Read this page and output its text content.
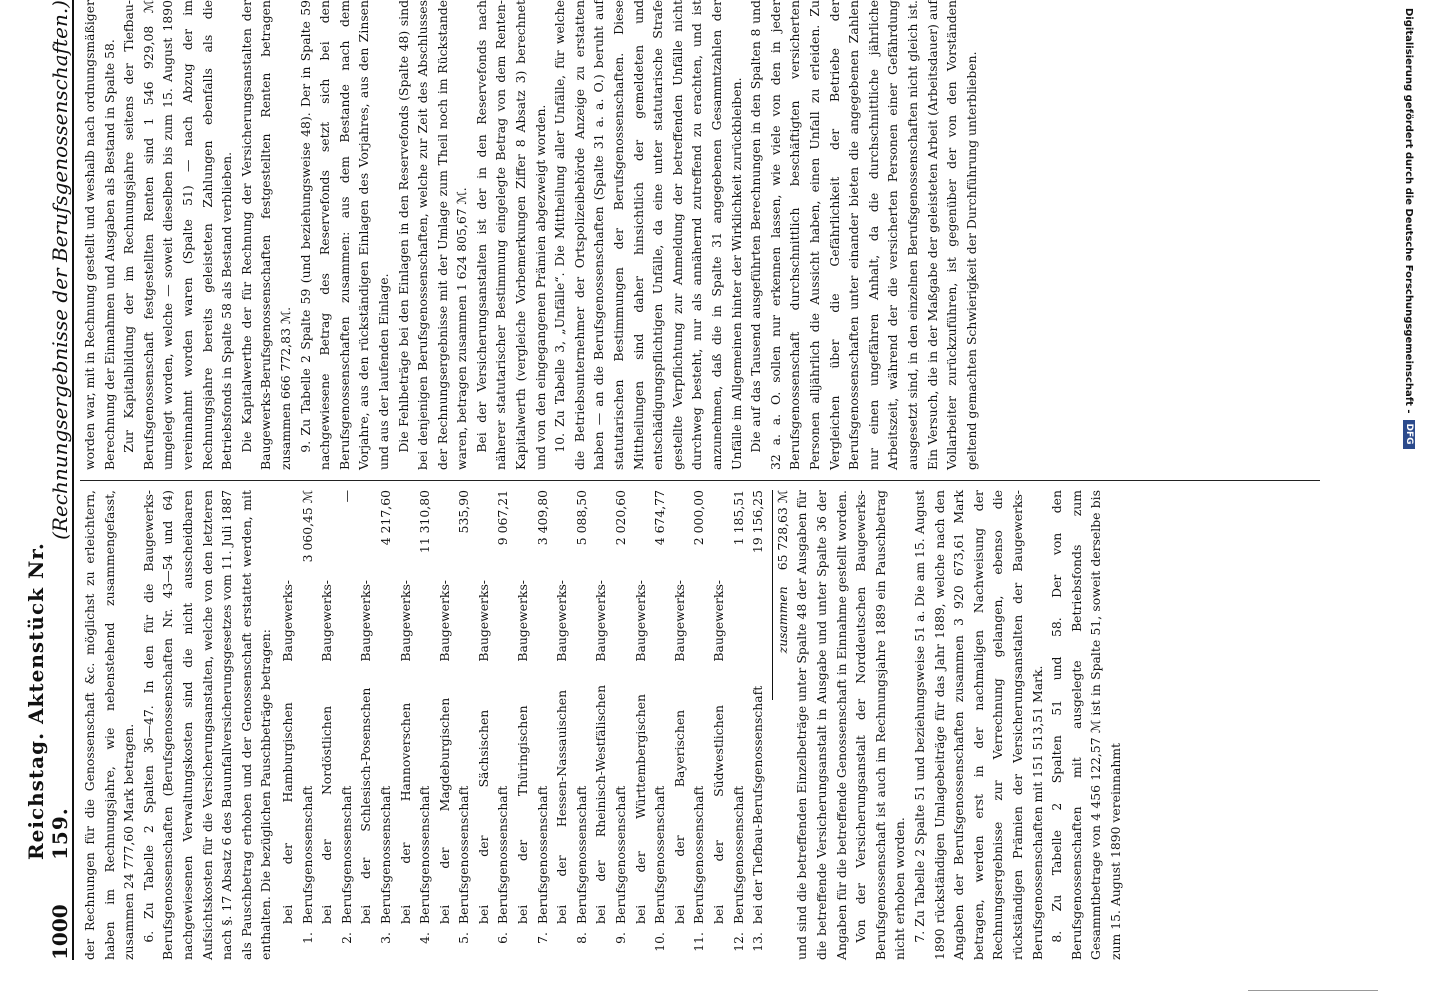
1000
Reichstag. Aktenstück Nr. 159.
(Rechnungsergebnisse der Berufsgenossenschaften.)

der Rechnungen für die Genossenschaft &c. möglichst zu erleichtern, haben im Rechnungsjahre, wie nebenstehend zusammengefasst, zusammen 24 777,60 Mark betragen. 6. Zu Tabelle 2 Spalten 36—47. In den für die Baugewerks-Berufsgenossenschaften (Berufsgenossenschaften Nr. 43—54 und 64) nachgewiesenen Verwaltungskosten sind die nicht ausscheidbaren Aufsichtskosten für die Versicherungsanstalten, welche von den letzteren nach §. 17 Absatz 6 des Bauunfallversicherungsgesetzes vom 11. Juli 1887 als Pauschbetrag erhoben und der Genossenschaft erstattet werden, mit enthalten. Die bezüglichen Pauschbeträge betragen: 1.
bei der Hamburgischen Baugewerks-Berufsgenossenschaft
3 060,45 ℳ
2.
bei der Nordöstlichen Baugewerks-Berufsgenossenschaft
—
3.
bei der Schlesisch-Posenschen Baugewerks-Berufsgenossenschaft
4 217,60
4.
bei der Hannoverschen Baugewerks-Berufsgenossenschaft
11 310,80
5.
bei der Magdeburgischen Baugewerks-Berufsgenossenschaft
535,90
6.
bei der Sächsischen Baugewerks-Berufsgenossenschaft
9 067,21
7.
bei der Thüringischen Baugewerks-Berufsgenossenschaft
3 409,80
8.
bei der Hessen-Nassauischen Baugewerks-Berufsgenossenschaft
5 088,50
9.
bei der Rheinisch-Westfälischen Baugewerks-Berufsgenossenschaft
2 020,60
10.
bei der Württembergischen Baugewerks-Berufsgenossenschaft
4 674,77
11.
bei der Bayerischen Baugewerks-Berufsgenossenschaft
2 000,00
12.
bei der Südwestlichen Baugewerks-Berufsgenossenschaft
1 185,51
13.
bei der Tiefbau-Berufsgenossenschaft
19 156,25
zusammen
65 728,63 ℳ und sind die betreffenden Einzelbeträge unter Spalte 48 der Ausgaben für die betreffende Versicherungsanstalt in Ausgabe und unter Spalte 36 der Angaben für die betreffende Genossenschaft in Einnahme gestellt worden. Von der Versicherungsanstalt der Norddeutschen Baugewerks-Berufsgenossenschaft ist auch im Rechnungsjahre 1889 ein Pauschbetrag nicht erhoben worden. 7. Zu Tabelle 2 Spalte 51 und beziehungsweise 51 a. Die am 15. August 1890 rückständigen Umlagebeiträge für das Jahr 1889, welche nach den Angaben der Berufsgenossenschaften zusammen 3 920 673,61 Mark betragen, werden erst in der nachmaligen Nachweisung der Rechnungsergebnisse zur Verrechnung gelangen, ebenso die rückständigen Prämien der Versicherungsanstalten der Baugewerks-Berufsgenossenschaften mit 151 513,51 Mark. 8. Zu Tabelle 2 Spalten 51 und 58. Der von den Berufsgenossenschaften mit ausgelegte Betriebsfonds zum Gesammtbetrage von 4 456 122,57 ℳ ist in Spalte 51, soweit derselbe bis zum 15. August 1890 vereinnahmt

worden war, mit in Rechnung gestellt und weshalb nach ordnungsmäßiger Berechnung der Einnahmen und Ausgaben als Bestand in Spalte 58. Zur Kapitalbildung der im Rechnungsjahre seitens der Tiefbau-Berufsgenossenschaft festgestellten Renten sind 1 546 929,08 ℳ umgelegt worden, welche — soweit dieselben bis zum 15. August 1890 vereinnahmt worden waren (Spalte 51) — nach Abzug der im Rechnungsjahre bereits geleisteten Zahlungen ebenfalls als die Betriebsfonds in Spalte 58 als Bestand verblieben. Die Kapitalwerthe der für Rechnung der Versicherungsanstalten der Baugewerks-Berufsgenossenschaften festgestellten Renten betragen zusammen 666 772,83 ℳ. 9. Zu Tabelle 2 Spalte 59 (und beziehungsweise 48). Der in Spalte 59 nachgewiesene Betrag des Reservefonds setzt sich bei den Berufsgenossenschaften zusammen: aus dem Bestande nach dem Vorjahre, aus den rückständigen Einlagen des Vorjahres, aus den Zinsen und aus der laufenden Einlage. Die Fehlbeträge bei den Einlagen in den Reservefonds (Spalte 48) sind bei denjenigen Berufsgenossenschaften, welche zur Zeit des Abschlusses der Rechnungsergebnisse mit der Umlage zum Theil noch im Rückstande waren, betragen zusammen 1 624 805,67 ℳ. Bei der Versicherungsanstalten ist der in den Reservefonds nach näherer statutarischer Bestimmung eingelegte Betrag von dem Renten-Kapitalwerth (vergleiche Vorbemerkungen Ziffer 8 Absatz 3) berechnet und von den eingegangenen Prämien abgezweigt worden. 10. Zu Tabelle 3, „Unfälle“. Die Mittheilung aller Unfälle, für welche die Betriebsunternehmer der Ortspolizeibehörde Anzeige zu erstatten haben — an die Berufsgenossenschaften (Spalte 31 a. a. O.) beruht auf statutarischen Bestimmungen der Berufsgenossenschaften. Diese Mittheilungen sind daher hinsichtlich der gemeldeten und entschädigungspflichtigen Unfälle, da eine unter statutarische Strafe gestellte Verpflichtung zur Anmeldung der betreffenden Unfälle nicht durchweg besteht, nur als annähernd zutreffend zu erachten, und ist anzunehmen, daß die in Spalte 31 angegebenen Gesammtzahlen der Unfälle im Allgemeinen hinter der Wirklichkeit zurückbleiben. Die auf das Tausend ausgeführten Berechnungen in den Spalten 8 und 32 a. a. O. sollen nur erkennen lassen, wie viele von den in jeder Berufsgenossenschaft durchschnittlich beschäftigten versicherten Personen alljährlich die Aussicht haben, einen Unfall zu erleiden. Zu Vergleichen über die Gefährlichkeit der Betriebe der Berufsgenossenschaften unter einander bieten die angegebenen Zahlen nur einen ungefähren Anhalt, da die durchschnittliche jährliche Arbeitszeit, während der die versicherten Personen einer Gefährdung ausgesetzt sind, in den einzelnen Berufsgenossenschaften nicht gleich ist. Ein Versuch, die in der Maßgabe der geleisteten Arbeit (Arbeitsdauer) auf Vollarbeiter zurückzuführen, ist gegenüber der von den Vorständen geltend gemachten Schwierigkeit der Durchführung unterblieben.	Digitalisierung gefördert durch die Deutsche Forschungsgemeinschaft -
DFG
